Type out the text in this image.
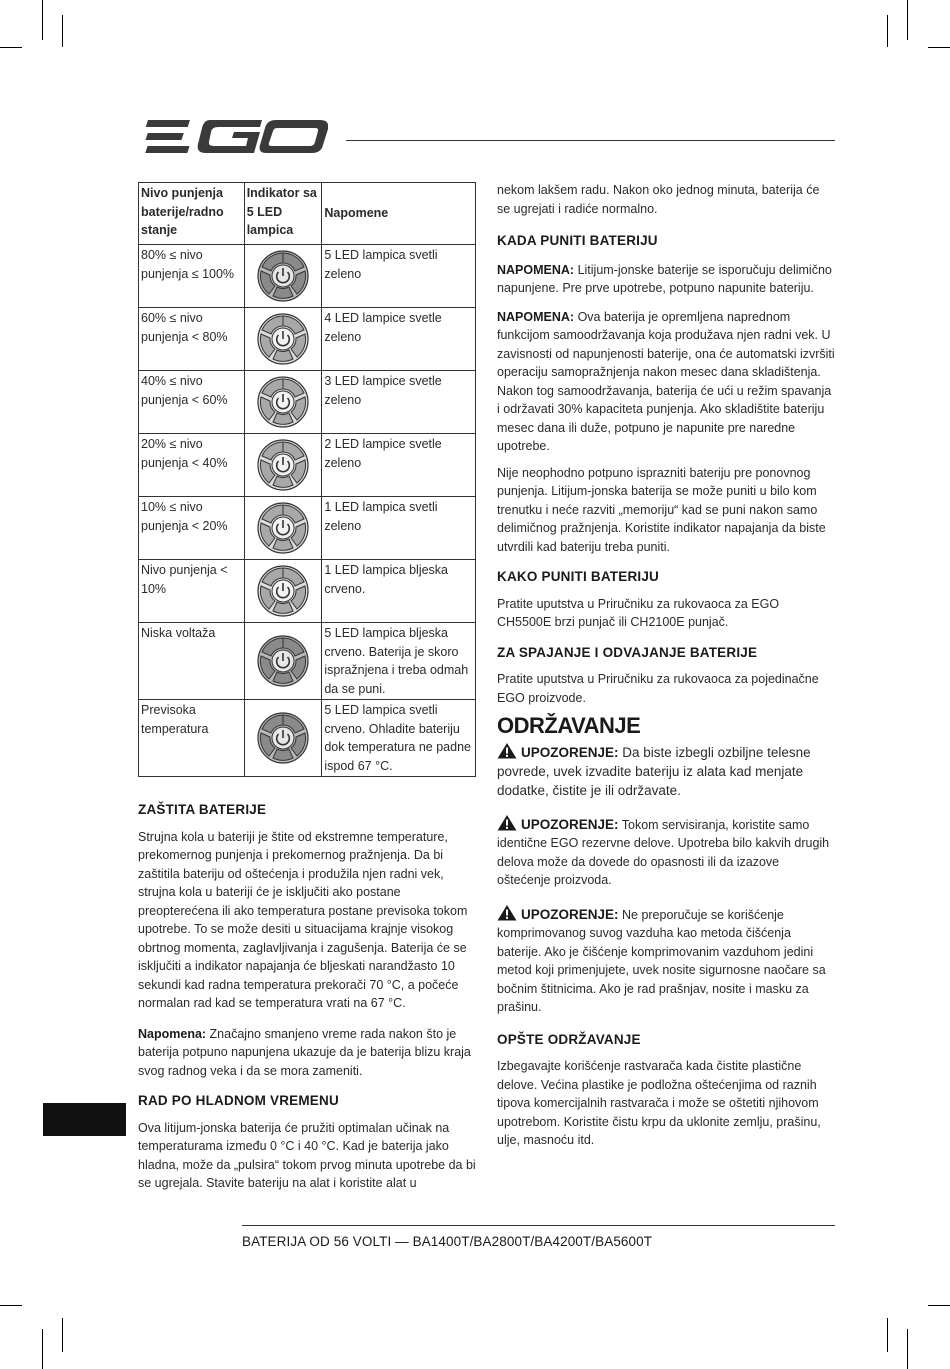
Nivo punjenja baterije/radno stanje	Indikator sa 5 LED lampica	Napomene
80% ≤ nivo punjenja ≤ 100%		5 LED lampica svetli zeleno
60% ≤ nivo punjenja < 80%		4 LED lampice svetle zeleno
40% ≤ nivo punjenja < 60%		3 LED lampice svetle zeleno
20% ≤ nivo punjenja < 40%		2 LED lampice svetle zeleno
10% ≤ nivo punjenja < 20%		1 LED lampica svetli zeleno
Nivo punjenja < 10%		1 LED lampica bljeska crveno.
Niska voltaža		5 LED lampica bljeska crveno. Baterija je skoro ispražnjena i treba odmah da se puni.
Previsoka temperatura		5 LED lampica svetli crveno. Ohladite bateriju dok temperatura ne padne ispod 67 °C.
ZAŠTITA BATERIJE

Strujna kola u bateriji je štite od ekstremne temperature, prekomernog punjenja i prekomernog pražnjenja. Da bi zaštitila bateriju od oštećenja i produžila njen radni vek, strujna kola u bateriji će je isključiti ako postane preopterećena ili ako temperatura postane previsoka tokom upotrebe. To se može desiti u situacijama krajnje visokog obrtnog momenta, zaglavljivanja i zagušenja. Baterija će se isključiti a indikator napajanja će bljeskati narandžasto 10 sekundi kad radna temperatura prekorači 70 °C, a počeće normalan rad kad se temperatura vrati na 67 °C.

Napomena: Značajno smanjeno vreme rada nakon što je baterija potpuno napunjena ukazuje da je baterija blizu kraja svog radnog veka i da se mora zameniti.

RAD PO HLADNOM VREMENU

Ova litijum-jonska baterija će pružiti optimalan učinak na temperaturama između 0 °C i 40 °C. Kad je baterija jako hladna, može da „pulsira“ tokom prvog minuta upotrebe da bi se ugrejala. Stavite bateriju na alat i koristite alat u

nekom lakšem radu. Nakon oko jednog minuta, baterija će se ugrejati i radiće normalno.

KADA PUNITI BATERIJU

NAPOMENA: Litijum-jonske baterije se isporučuju delimično napunjene. Pre prve upotrebe, potpuno napunite bateriju.

NAPOMENA: Ova baterija je opremljena naprednom funkcijom samoodržavanja koja produžava njen radni vek. U zavisnosti od napunjenosti baterije, ona će automatski izvršiti operaciju samopražnjenja nakon mesec dana skladištenja. Nakon tog samoodržavanja, baterija će ući u režim spavanja i održavati 30% kapaciteta punjenja. Ako skladištite bateriju mesec dana ili duže, potpuno je napunite pre naredne upotrebe.

Nije neophodno potpuno isprazniti bateriju pre ponovnog punjenja. Litijum-jonska baterija se može puniti u bilo kom trenutku i neće razviti „memoriju“ kad se puni nakon samo delimičnog pražnjenja. Koristite indikator napajanja da biste utvrdili kad bateriju treba puniti.

KAKO PUNITI BATERIJU

Pratite uputstva u Priručniku za rukovaoca za EGO CH5500E brzi punjač ili CH2100E punjač.

ZA SPAJANJE I ODVAJANJE BATERIJE

Pratite uputstva u Priručniku za rukovaoca za pojedinačne EGO proizvode.

ODRŽAVANJE

UPOZORENJE: Da biste izbegli ozbiljne telesne povrede, uvek izvadite bateriju iz alata kad menjate dodatke, čistite je ili održavate.

UPOZORENJE: Tokom servisiranja, koristite samo identične EGO rezervne delove. Upotreba bilo kakvih drugih delova može da dovede do opasnosti ili da izazove oštećenje proizvoda.

UPOZORENJE: Ne preporučuje se korišćenje komprimovanog suvog vazduha kao metoda čišćenja baterije. Ako je čišćenje komprimovanim vazduhom jedini metod koji primenjujete, uvek nosite sigurnosne naočare sa bočnim štitnicima. Ako je rad prašnjav, nosite i masku za prašinu.

OPŠTE ODRŽAVANJE

Izbegavajte korišćenje rastvarača kada čistite plastične delove. Većina plastike je podložna oštećenjima od raznih tipova komercijalnih rastvarača i može se oštetiti njihovom upotrebom. Koristite čistu krpu da uklonite zemlju, prašinu, ulje, masnoću itd.

BATERIJA OD 56 VOLTI — BA1400T/BA2800T/BA4200T/BA5600T
